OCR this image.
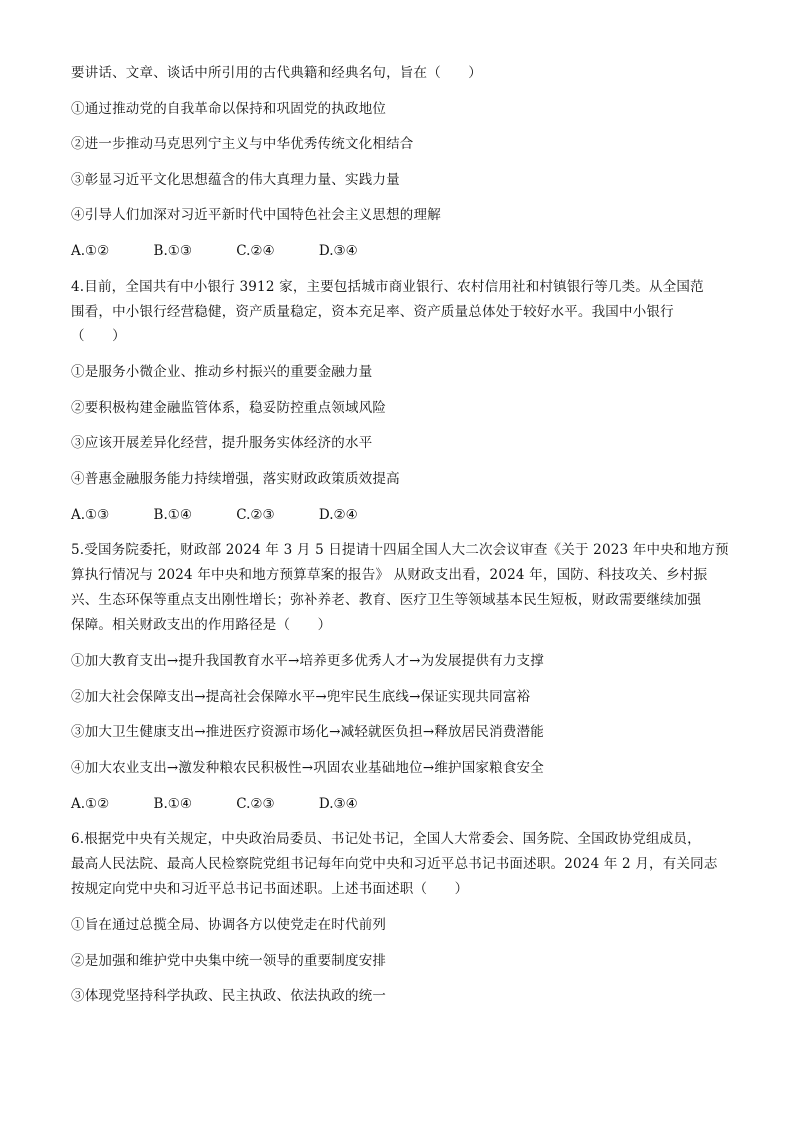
要讲话、文章、谈话中所引用的古代典籍和经典名句，旨在（　　）
①通过推动党的自我革命以保持和巩固党的执政地位
②进一步推动马克思列宁主义与中华优秀传统文化相结合
③彰显习近平文化思想蕴含的伟大真理力量、实践力量
④引导人们加深对习近平新时代中国特色社会主义思想的理解
A.①②	B.①③	C.②④	D.③④
4.目前，全国共有中小银行 3912 家，主要包括城市商业银行、农村信用社和村镇银行等几类。从全国范
围看，中小银行经营稳健，资产质量稳定，资本充足率、资产质量总体处于较好水平。我国中小银行
（　　）
①是服务小微企业、推动乡村振兴的重要金融力量
②要积极构建金融监管体系，稳妥防控重点领域风险
③应该开展差异化经营，提升服务实体经济的水平
④普惠金融服务能力持续增强，落实财政政策质效提高
A.①③	B.①④	C.②③	D.②④
5.受国务院委托，财政部 2024 年 3 月 5 日提请十四届全国人大二次会议审查《关于 2023 年中央和地方预
算执行情况与 2024 年中央和地方预算草案的报告》 从财政支出看，2024 年，国防、科技攻关、乡村振
兴、生态环保等重点支出刚性增长；弥补养老、教育、医疗卫生等领域基本民生短板，财政需要继续加强
保障。相关财政支出的作用路径是（　　）
①加大教育支出→提升我国教育水平→培养更多优秀人才→为发展提供有力支撑
②加大社会保障支出→提高社会保障水平→兜牢民生底线→保证实现共同富裕
③加大卫生健康支出→推进医疗资源市场化→减轻就医负担→释放居民消费潜能
④加大农业支出→激发种粮农民积极性→巩固农业基础地位→维护国家粮食安全
A.①②	B.①④	C.②③	D.③④
6.根据党中央有关规定，中央政治局委员、书记处书记，全国人大常委会、国务院、全国政协党组成员，
最高人民法院、最高人民检察院党组书记每年向党中央和习近平总书记书面述职。2024 年 2 月，有关同志
按规定向党中央和习近平总书记书面述职。上述书面述职（　　）
①旨在通过总揽全局、协调各方以使党走在时代前列
②是加强和维护党中央集中统一领导的重要制度安排
③体现党坚持科学执政、民主执政、依法执政的统一
